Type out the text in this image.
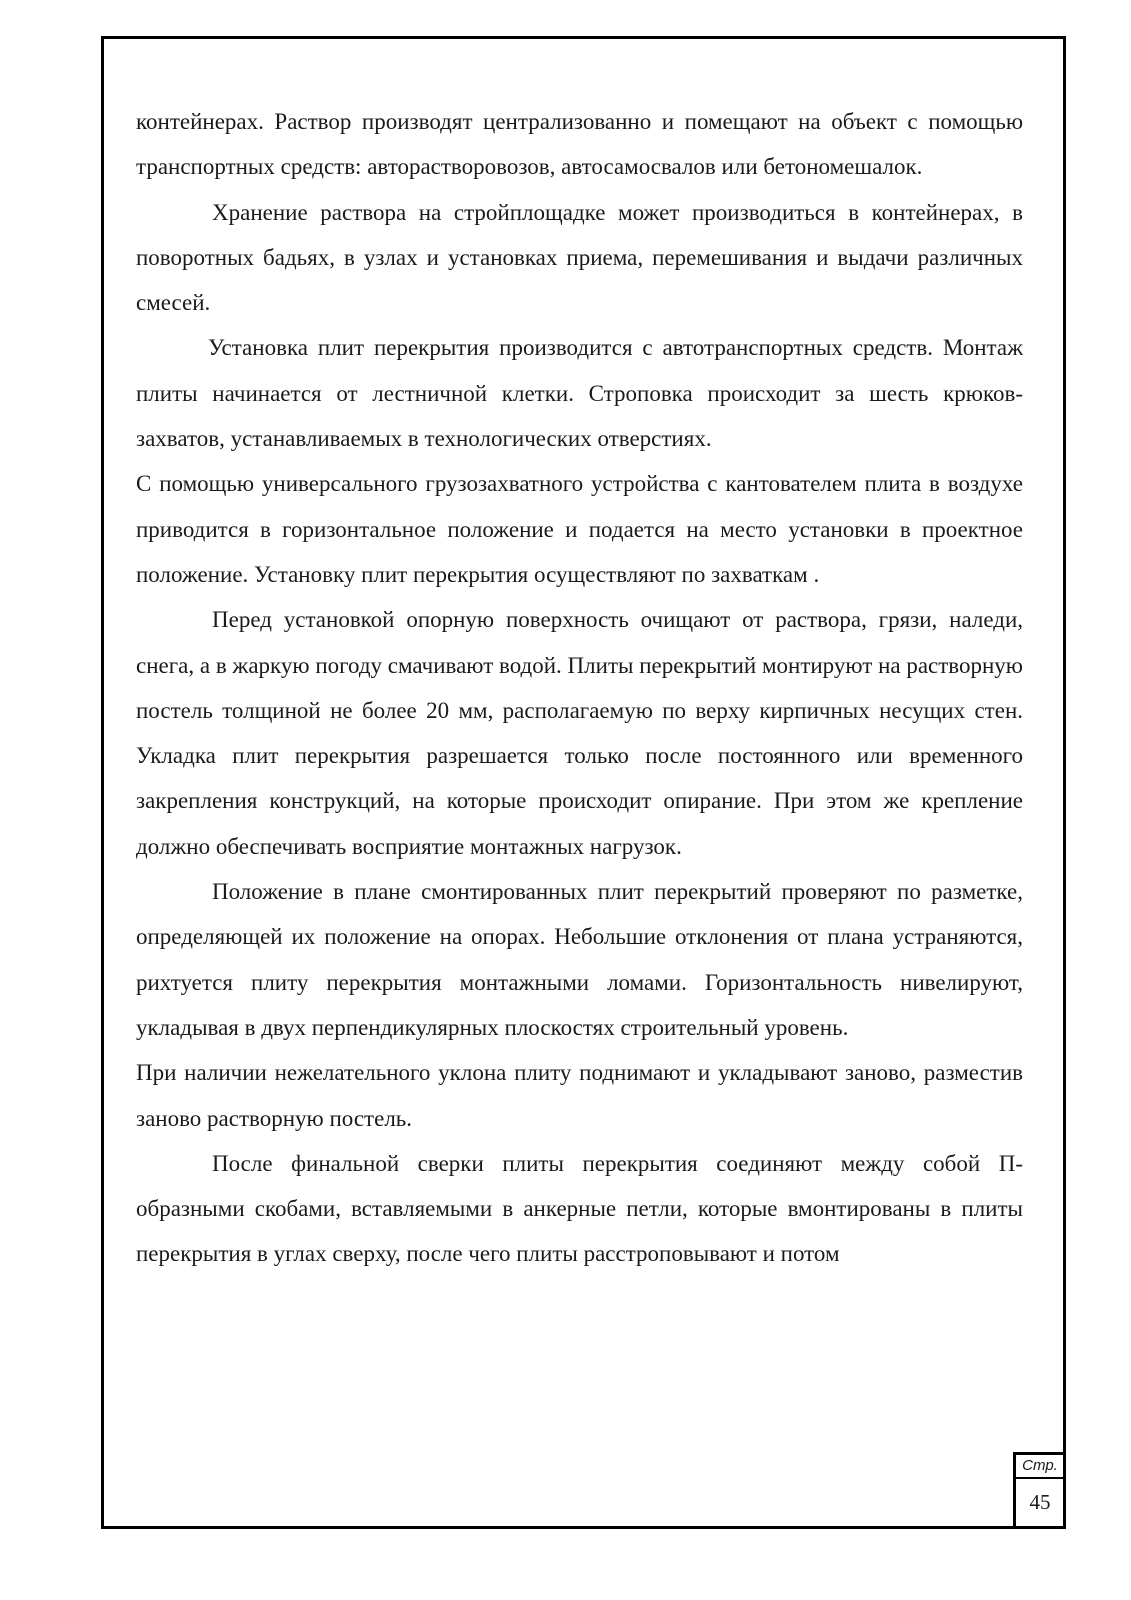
контейнерах. Раствор производят централизованно и помещают на объект с помощью транспортных средств: авторастворовозов, автосамосвалов или бетономешалок.

Хранение раствора на стройплощадке может производиться в контейнерах, в поворотных бадьях, в узлах и установках приема, перемешивания и выдачи различных смесей.

Установка плит перекрытия производится с автотранспортных средств. Монтаж плиты начинается от лестничной клетки. Строповка происходит за шесть крюков-захватов, устанавливаемых в технологических отверстиях.

С помощью универсального грузозахватного устройства с кантователем плита в воздухе приводится в горизонтальное положение и подается на место установки в проектное положение. Установку плит перекрытия осуществляют по захваткам .

Перед установкой опорную поверхность очищают от раствора, грязи, наледи, снега, а в жаркую погоду смачивают водой. Плиты перекрытий монтируют на растворную постель толщиной не более 20 мм, располагаемую по верху кирпичных несущих стен. Укладка плит перекрытия разрешается только после постоянного или временного закрепления конструкций, на которые происходит опирание. При этом же крепление должно обеспечивать восприятие монтажных нагрузок.

Положение в плане смонтированных плит перекрытий проверяют по разметке, определяющей их положение на опорах. Небольшие отклонения от плана устраняются, рихтуется плиту перекрытия монтажными ломами. Горизонтальность нивелируют, укладывая в двух перпендикулярных плоскостях строительный уровень.

При наличии нежелательного уклона плиту поднимают и укладывают заново, разместив заново растворную постель.

После финальной сверки плиты перекрытия соединяют между собой П-образными скобами, вставляемыми в анкерные петли, которые вмонтированы в плиты перекрытия в углах сверху, после чего плиты расстроповывают и потом

Стр.
45
